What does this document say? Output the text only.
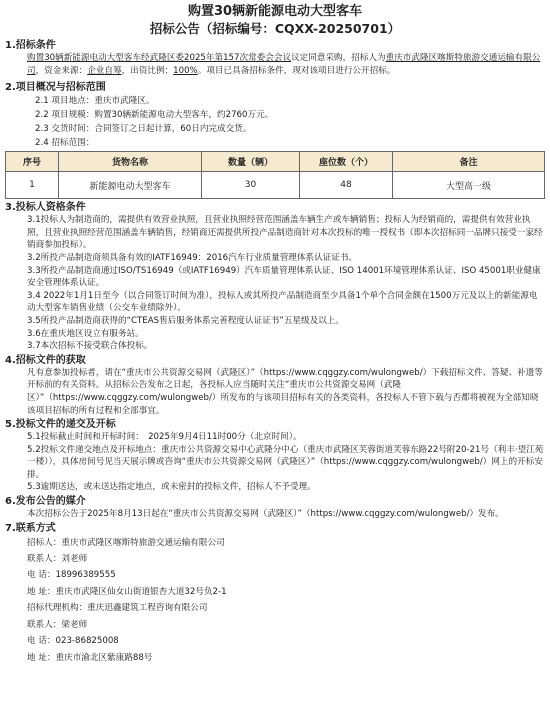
购置30辆新能源电动大型客车
招标公告（招标编号：CQXX-20250701）
1.招标条件

购置30辆新能源电动大型客车经武隆区委2025年第157次常委会会议议定同意采购，招标人为重庆市武隆区喀斯特旅游交通运输有限公司，资金来源：企业自筹，出资比例：100%。项目已具备招标条件，现对该项目进行公开招标。

2.项目概况与招标范围

2.1 项目地点：重庆市武隆区。

2.2 项目规模：购置30辆新能源电动大型客车，约2760万元。

2.3 交货时间：合同签订之日起计算，60日内完成交货。

2.4 招标范围：

序号	货物名称	数量（辆）	座位数（个）	备注
1	新能源电动大型客车	30	48	大型高一级
3.投标人资格条件

3.1投标人为制造商的，需提供有效营业执照，且营业执照经营范围涵盖车辆生产或车辆销售；投标人为经销商的，需提供有效营业执照，且营业执照经营范围涵盖车辆销售，经销商还需提供所投产品制造商针对本次投标的唯一授权书（即本次招标同一品牌只接受一家经销商参加投标）。

3.2所投产品制造商须具备有效的IATF16949：2016汽车行业质量管理体系认证证书。

3.3所投产品制造商通过ISO/TS16949（或IATF16949）汽车质量管理体系认证、ISO 14001环境管理体系认证、ISO 45001职业健康安全管理体系认证。

3.4 2022年1月1日至今（以合同签订时间为准），投标人或其所投产品制造商至少具备1个单个合同金额在1500万元及以上的新能源电动大型客车销售业绩（公交车业绩除外）。

3.5所投产品制造商获得的“CTEAS售后服务体系完善程度认证证书”五星级及以上。

3.6在重庆地区设立有服务站。

3.7本次招标不接受联合体投标。

4.招标文件的获取

凡有意参加投标者，请在“重庆市公共资源交易网（武隆区）”（https://www.cqggzy.com/wulongweb/）下载招标文件、答疑、补遗等开标前的有关资料。从招标公告发布之日起，各投标人应当随时关注“重庆市公共资源交易网（武隆区）”（https://www.cqggzy.com/wulongweb/）所发布的与该项目招标有关的各类资料，各投标人不管下载与否都将被视为全部知晓该项目招标的所有过程和全部事宜。

5.投标文件的递交及开标

5.1投标截止时间和开标时间：　2025年9月4日11时00分（北京时间）。

5.2投标文件递交地点及开标地点：重庆市公共资源交易中心武隆分中心（重庆市武隆区芙蓉街道芙蓉东路22号附20-21号（利丰·望江苑一楼）），具体房间号见当天展示牌或咨询“重庆市公共资源交易网（武隆区）”（https://www.cqggzy.com/wulongweb/）网上的开标安排。

5.3逾期送达，或未送达指定地点，或未密封的投标文件，招标人不予受理。

6.发布公告的媒介

本次招标公告于2025年8月13日起在“重庆市公共资源交易网（武隆区）”（https://www.cqggzy.com/wulongweb/）发布。

7.联系方式

招标人：重庆市武隆区喀斯特旅游交通运输有限公司

联系人：刘老师

电 话：18996389555

地 址：重庆市武隆区仙女山街道银杏大道32号负2-1

招标代理机构：重庆迅鑫建筑工程咨询有限公司

联系人：梁老师

电 话：023-86825008

地 址：重庆市渝北区紫康路88号
